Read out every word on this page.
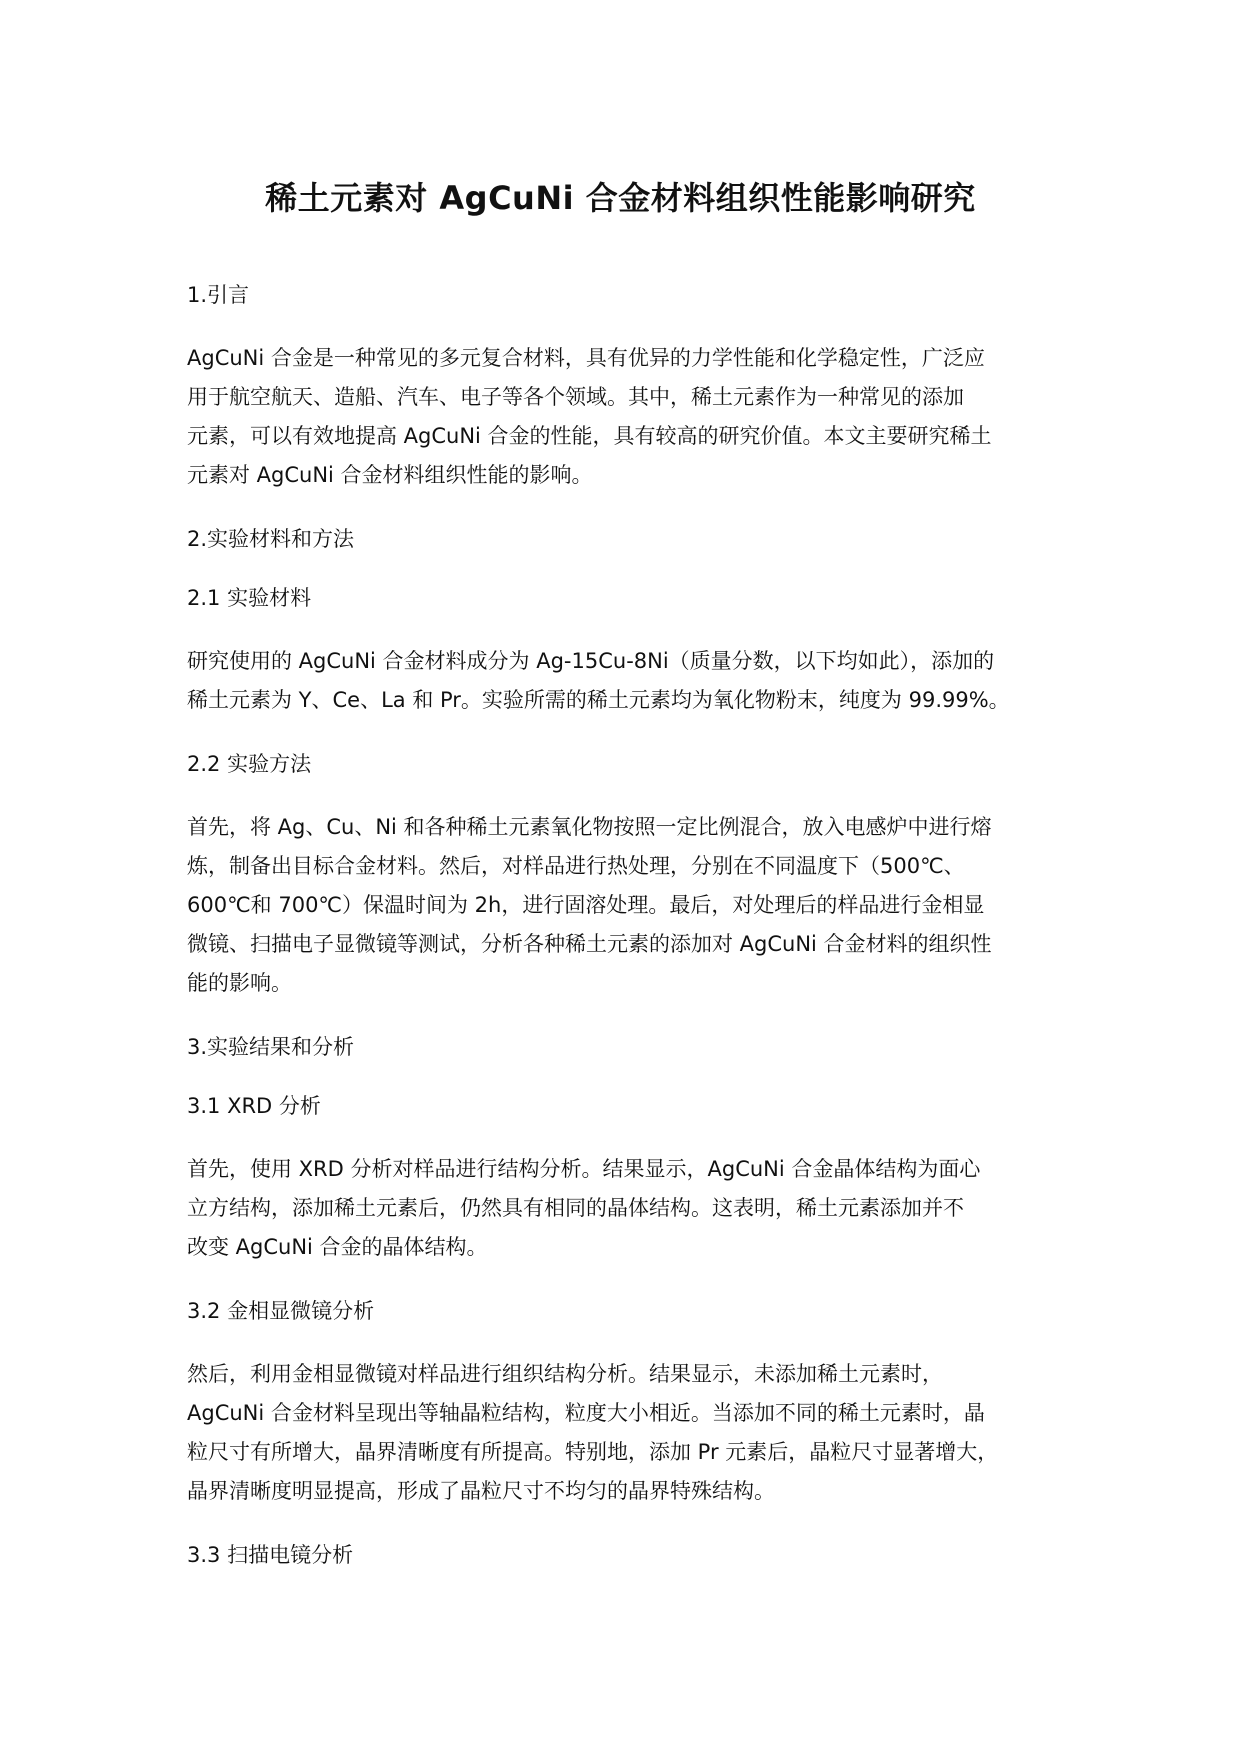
稀土元素对 AgCuNi 合金材料组织性能影响研究
1.引言
AgCuNi 合金是一种常见的多元复合材料，具有优异的力学性能和化学稳定性，广泛应
用于航空航天、造船、汽车、电子等各个领域。其中，稀土元素作为一种常见的添加
元素，可以有效地提高 AgCuNi 合金的性能，具有较高的研究价值。本文主要研究稀土
元素对 AgCuNi 合金材料组织性能的影响。
2.实验材料和方法
2.1 实验材料
研究使用的 AgCuNi 合金材料成分为 Ag-15Cu-8Ni（质量分数，以下均如此），添加的
稀土元素为 Y、Ce、La 和 Pr。实验所需的稀土元素均为氧化物粉末，纯度为 99.99%。
2.2 实验方法
首先，将 Ag、Cu、Ni 和各种稀土元素氧化物按照一定比例混合，放入电感炉中进行熔
炼，制备出目标合金材料。然后，对样品进行热处理，分别在不同温度下（500℃、
600℃和 700℃）保温时间为 2h，进行固溶处理。最后，对处理后的样品进行金相显
微镜、扫描电子显微镜等测试，分析各种稀土元素的添加对 AgCuNi 合金材料的组织性
能的影响。
3.实验结果和分析
3.1 XRD 分析
首先，使用 XRD 分析对样品进行结构分析。结果显示，AgCuNi 合金晶体结构为面心
立方结构，添加稀土元素后，仍然具有相同的晶体结构。这表明，稀土元素添加并不
改变 AgCuNi 合金的晶体结构。
3.2 金相显微镜分析
然后，利用金相显微镜对样品进行组织结构分析。结果显示，未添加稀土元素时，
AgCuNi 合金材料呈现出等轴晶粒结构，粒度大小相近。当添加不同的稀土元素时，晶
粒尺寸有所增大，晶界清晰度有所提高。特别地，添加 Pr 元素后，晶粒尺寸显著增大，
晶界清晰度明显提高，形成了晶粒尺寸不均匀的晶界特殊结构。
3.3 扫描电镜分析
